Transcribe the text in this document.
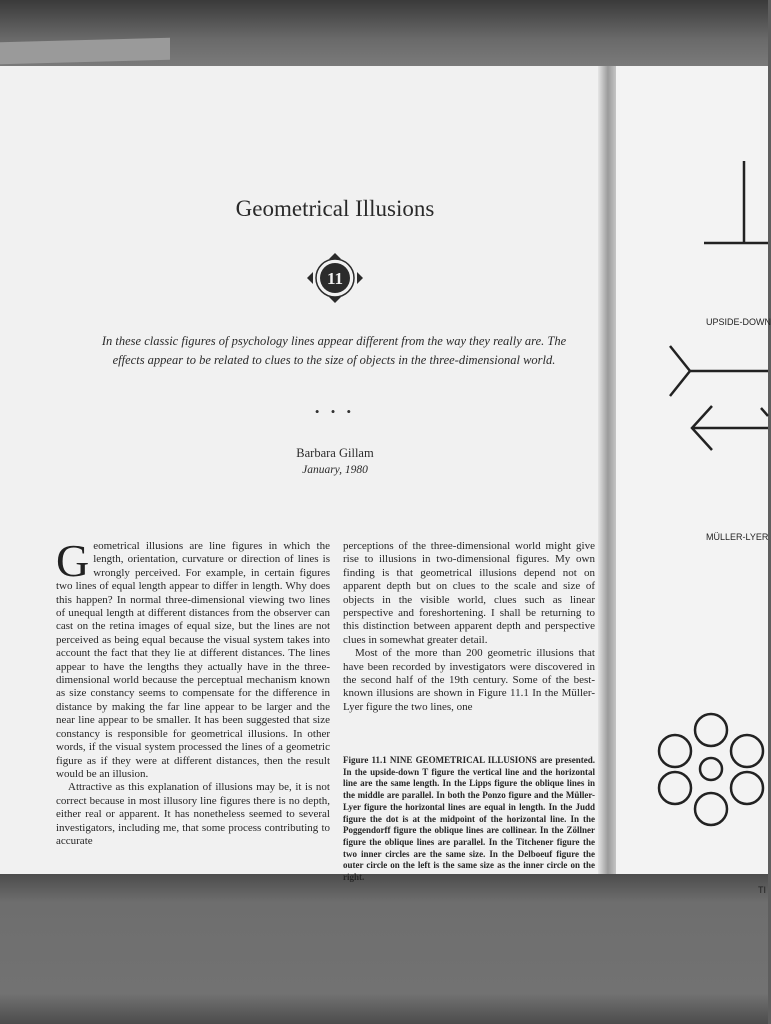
Geometrical Illusions
11
In these classic figures of psychology lines appear different from the way they really are. The effects appear to be related to clues to the size of objects in the three-dimensional world.
• • •
Barbara Gillam
January, 1980

Geometrical illusions are line figures in which the length, orientation, curvature or direction of lines is wrongly perceived. For example, in certain figures two lines of equal length appear to differ in length. Why does this happen? In normal three-dimensional viewing two lines of unequal length at different distances from the observer can cast on the retina images of equal size, but the lines are not perceived as being equal because the visual system takes into account the fact that they lie at different distances. The lines appear to have the lengths they actually have in the three-dimensional world because the perceptual mechanism known as size constancy seems to compensate for the difference in distance by making the far line appear to be larger and the near line appear to be smaller. It has been suggested that size constancy is responsible for geometrical illusions. In other words, if the visual system processed the lines of a geometric figure as if they were at different distances, then the result would be an illusion.

Attractive as this explanation of illusions may be, it is not correct because in most illusory line figures there is no depth, either real or apparent. It has nonetheless seemed to several investigators, including me, that some process contributing to accurate

perceptions of the three-dimensional world might give rise to illusions in two-dimensional figures. My own finding is that geometrical illusions depend not on apparent depth but on clues to the scale and size of objects in the visible world, clues such as linear perspective and foreshortening. I shall be returning to this distinction between apparent depth and perspective clues in somewhat greater detail.

Most of the more than 200 geometric illusions that have been recorded by investigators were discovered in the second half of the 19th century. Some of the best-known illusions are shown in Figure 11.1 In the Müller-Lyer figure the two lines, one

Figure 11.1 NINE GEOMETRICAL ILLUSIONS are presented. In the upside-down T figure the vertical line and the horizontal line are the same length. In the Lipps figure the oblique lines in the middle are parallel. In both the Ponzo figure and the Müller-Lyer figure the horizontal lines are equal in length. In the Judd figure the dot is at the midpoint of the horizontal line. In the Poggendorff figure the oblique lines are collinear. In the Zöllner figure the oblique lines are parallel. In the Titchener figure the two inner circles are the same size. In the Delboeuf figure the outer circle on the left is the same size as the inner circle on the right.
UPSIDE-DOWN
MÜLLER-LYER
TI
